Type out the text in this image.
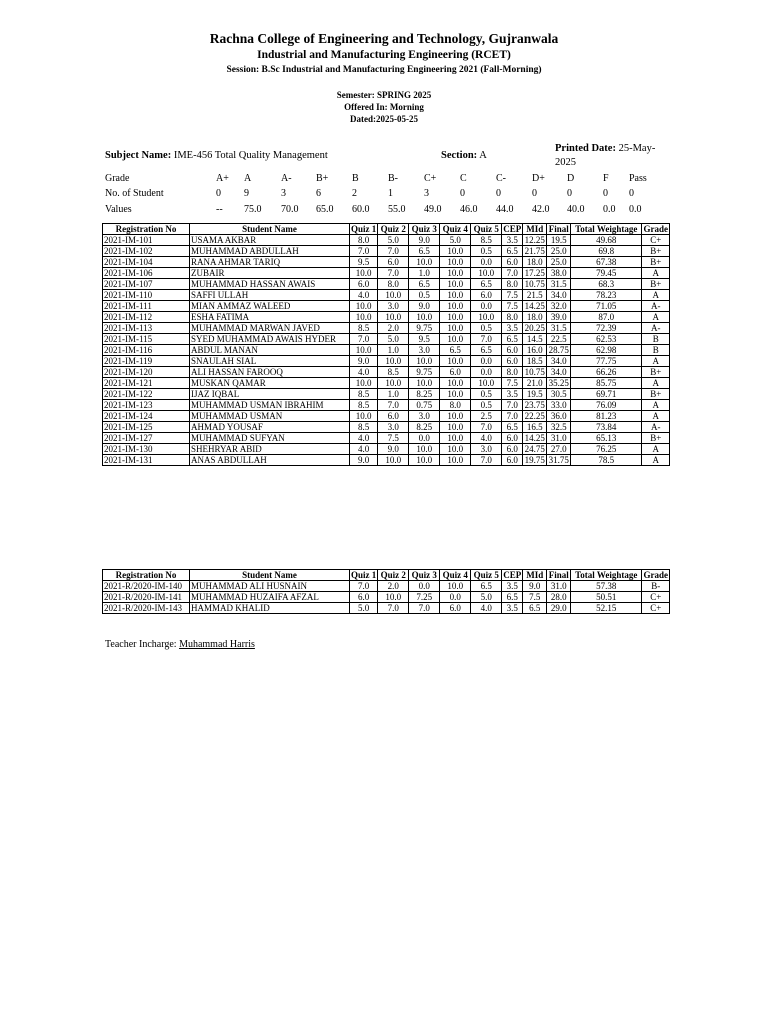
Rachna College of Engineering and Technology, Gujranwala
Industrial and Manufacturing Engineering (RCET)
Session: B.Sc Industrial and Manufacturing Engineering 2021 (Fall-Morning)
Semester: SPRING 2025
Offered In: Morning
Dated:2025-05-25
Subject Name: IME-456 Total Quality Management	Section: A
Printed Date: 25-May-2025
Grade	A+ A	A- B+ B	B-	C+ C	C-	D+ D	F Pass
No. of Student	0 9	3	6	2	1	3	0	0	0	0	0 0
Values	-- 75.0 70.0 65.0 60.0 55.0 49.0 46.0 44.0 42.0 40.0 0.0 0.0
Registration No	Student Name	Quiz 1	Quiz 2	Quiz 3	Quiz 4	Quiz 5	CEP	MId	Final	Total Weightage	Grade
2021-IM-101	USAMA AKBAR	8.0	5.0	9.0	5.0	8.5	3.5	12.25	19.5	49.68	C+
2021-IM-102	MUHAMMAD ABDULLAH	7.0	7.0	6.5	10.0	0.5	6.5	21.75	25.0	69.8	B+
2021-IM-104	RANA AHMAR TARIQ	9.5	6.0	10.0	10.0	0.0	6.0	18.0	25.0	67.38	B+
2021-IM-106	ZUBAIR	10.0	7.0	1.0	10.0	10.0	7.0	17.25	38.0	79.45	A
2021-IM-107	MUHAMMAD HASSAN AWAIS	6.0	8.0	6.5	10.0	6.5	8.0	10.75	31.5	68.3	B+
2021-IM-110	SAFFI ULLAH	4.0	10.0	0.5	10.0	6.0	7.5	21.5	34.0	78.23	A
2021-IM-111	MIAN AMMAZ WALEED	10.0	3.0	9.0	10.0	0.0	7.5	14.25	32.0	71.05	A-
2021-IM-112	ESHA FATIMA	10.0	10.0	10.0	10.0	10.0	8.0	18.0	39.0	87.0	A
2021-IM-113	MUHAMMAD MARWAN JAVED	8.5	2.0	9.75	10.0	0.5	3.5	20.25	31.5	72.39	A-
2021-IM-115	SYED MUHAMMAD AWAIS HYDER	7.0	5.0	9.5	10.0	7.0	6.5	14.5	22.5	62.53	B
2021-IM-116	ABDUL MANAN	10.0	1.0	3.0	6.5	6.5	6.0	16.0	28.75	62.98	B
2021-IM-119	SNAULAH SIAL	9.0	10.0	10.0	10.0	0.0	6.0	18.5	34.0	77.75	A
2021-IM-120	ALI HASSAN FAROOQ	4.0	8.5	9.75	6.0	0.0	8.0	10.75	34.0	66.26	B+
2021-IM-121	MUSKAN QAMAR	10.0	10.0	10.0	10.0	10.0	7.5	21.0	35.25	85.75	A
2021-IM-122	IJAZ IQBAL	8.5	1.0	8.25	10.0	0.5	3.5	19.5	30.5	69.71	B+
2021-IM-123	MUHAMMAD USMAN IBRAHIM	8.5	7.0	0.75	8.0	0.5	7.0	23.75	33.0	76.09	A
2021-IM-124	MUHAMMAD USMAN	10.0	6.0	3.0	10.0	2.5	7.0	22.25	36.0	81.23	A
2021-IM-125	AHMAD YOUSAF	8.5	3.0	8.25	10.0	7.0	6.5	16.5	32.5	73.84	A-
2021-IM-127	MUHAMMAD SUFYAN	4.0	7.5	0.0	10.0	4.0	6.0	14.25	31.0	65.13	B+
2021-IM-130	SHEHRYAR ABID	4.0	9.0	10.0	10.0	3.0	6.0	24.75	27.0	76.25	A
2021-IM-131	ANAS ABDULLAH	9.0	10.0	10.0	10.0	7.0	6.0	19.75	31.75	78.5	A
Registration No	Student Name	Quiz 1	Quiz 2	Quiz 3	Quiz 4	Quiz 5	CEP	MId	Final	Total Weightage	Grade
2021-R/2020-IM-140	MUHAMMAD ALI HUSNAIN	7.0	2.0	0.0	10.0	6.5	3.5	9.0	31.0	57.38	B-
2021-R/2020-IM-141	MUHAMMAD HUZAIFA AFZAL	6.0	10.0	7.25	0.0	5.0	6.5	7.5	28.0	50.51	C+
2021-R/2020-IM-143	HAMMAD KHALID	5.0	7.0	7.0	6.0	4.0	3.5	6.5	29.0	52.15	C+
Teacher Incharge: Muhammad Harris
